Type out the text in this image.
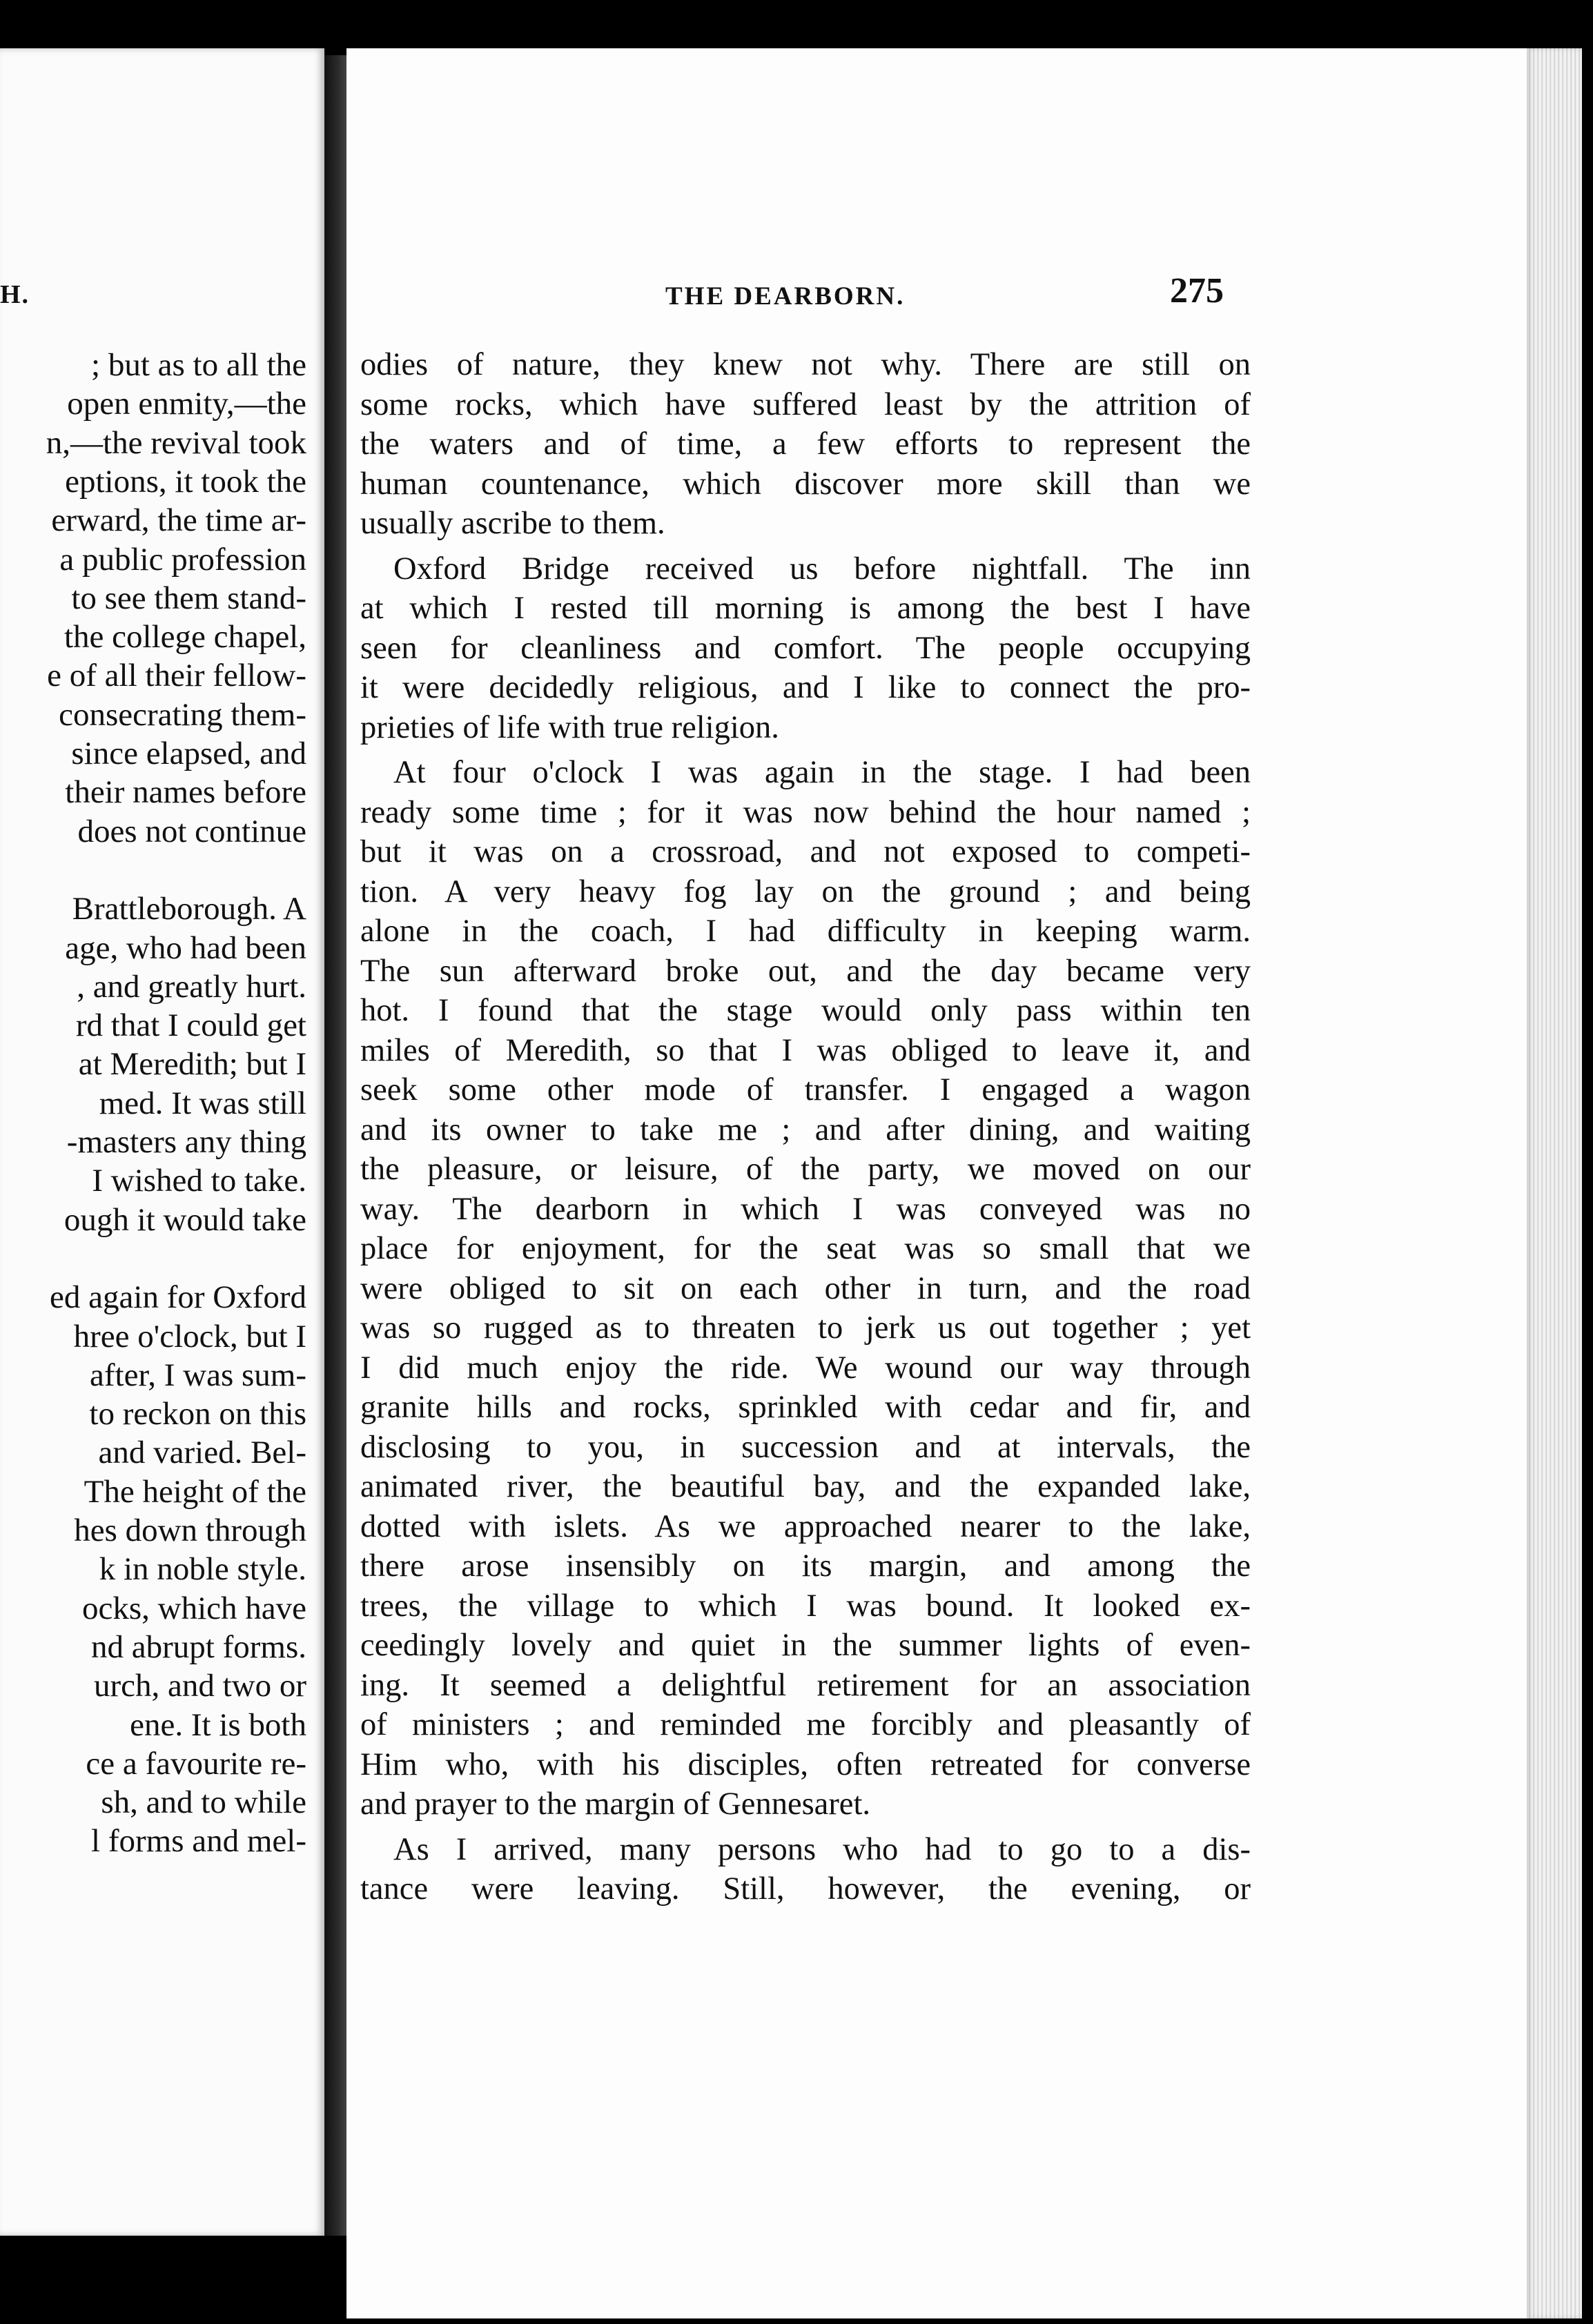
H.
; but as to all the
open enmity,—the
n,—the revival took
eptions, it took the
erward, the time ar-
a public profession
to see them stand-
the college chapel,
e of all their fellow-
consecrating them-
since elapsed, and
their names before
does not continue
Brattleborough. A
age, who had been
, and greatly hurt.
rd that I could get
at Meredith; but I
med. It was still
-masters any thing
I wished to take.
ough it would take
ed again for Oxford
hree o'clock, but I
after, I was sum-
to reckon on this
and varied. Bel-
The height of the
hes down through
k in noble style.
ocks, which have
nd abrupt forms.
urch, and two or
ene. It is both
ce a favourite re-
sh, and to while
l forms and mel-
THE DEARBORN.	275

odies of nature, they knew not why. There are still on
some rocks, which have suffered least by the attrition of
the waters and of time, a few efforts to represent the
human countenance, which discover more skill than we
usually ascribe to them.

Oxford Bridge received us before nightfall. The inn
at which I rested till morning is among the best I have
seen for cleanliness and comfort. The people occupying
it were decidedly religious, and I like to connect the pro-
prieties of life with true religion.

At four o'clock I was again in the stage. I had been
ready some time ; for it was now behind the hour named ;
but it was on a crossroad, and not exposed to competi-
tion. A very heavy fog lay on the ground ; and being
alone in the coach, I had difficulty in keeping warm.
The sun afterward broke out, and the day became very
hot. I found that the stage would only pass within ten
miles of Meredith, so that I was obliged to leave it, and
seek some other mode of transfer. I engaged a wagon
and its owner to take me ; and after dining, and waiting
the pleasure, or leisure, of the party, we moved on our
way. The dearborn in which I was conveyed was no
place for enjoyment, for the seat was so small that we
were obliged to sit on each other in turn, and the road
was so rugged as to threaten to jerk us out together ; yet
I did much enjoy the ride. We wound our way through
granite hills and rocks, sprinkled with cedar and fir, and
disclosing to you, in succession and at intervals, the
animated river, the beautiful bay, and the expanded lake,
dotted with islets. As we approached nearer to the lake,
there arose insensibly on its margin, and among the
trees, the village to which I was bound. It looked ex-
ceedingly lovely and quiet in the summer lights of even-
ing. It seemed a delightful retirement for an association
of ministers ; and reminded me forcibly and pleasantly of
Him who, with his disciples, often retreated for converse
and prayer to the margin of Gennesaret.

As I arrived, many persons who had to go to a dis-
tance were leaving. Still, however, the evening, or
